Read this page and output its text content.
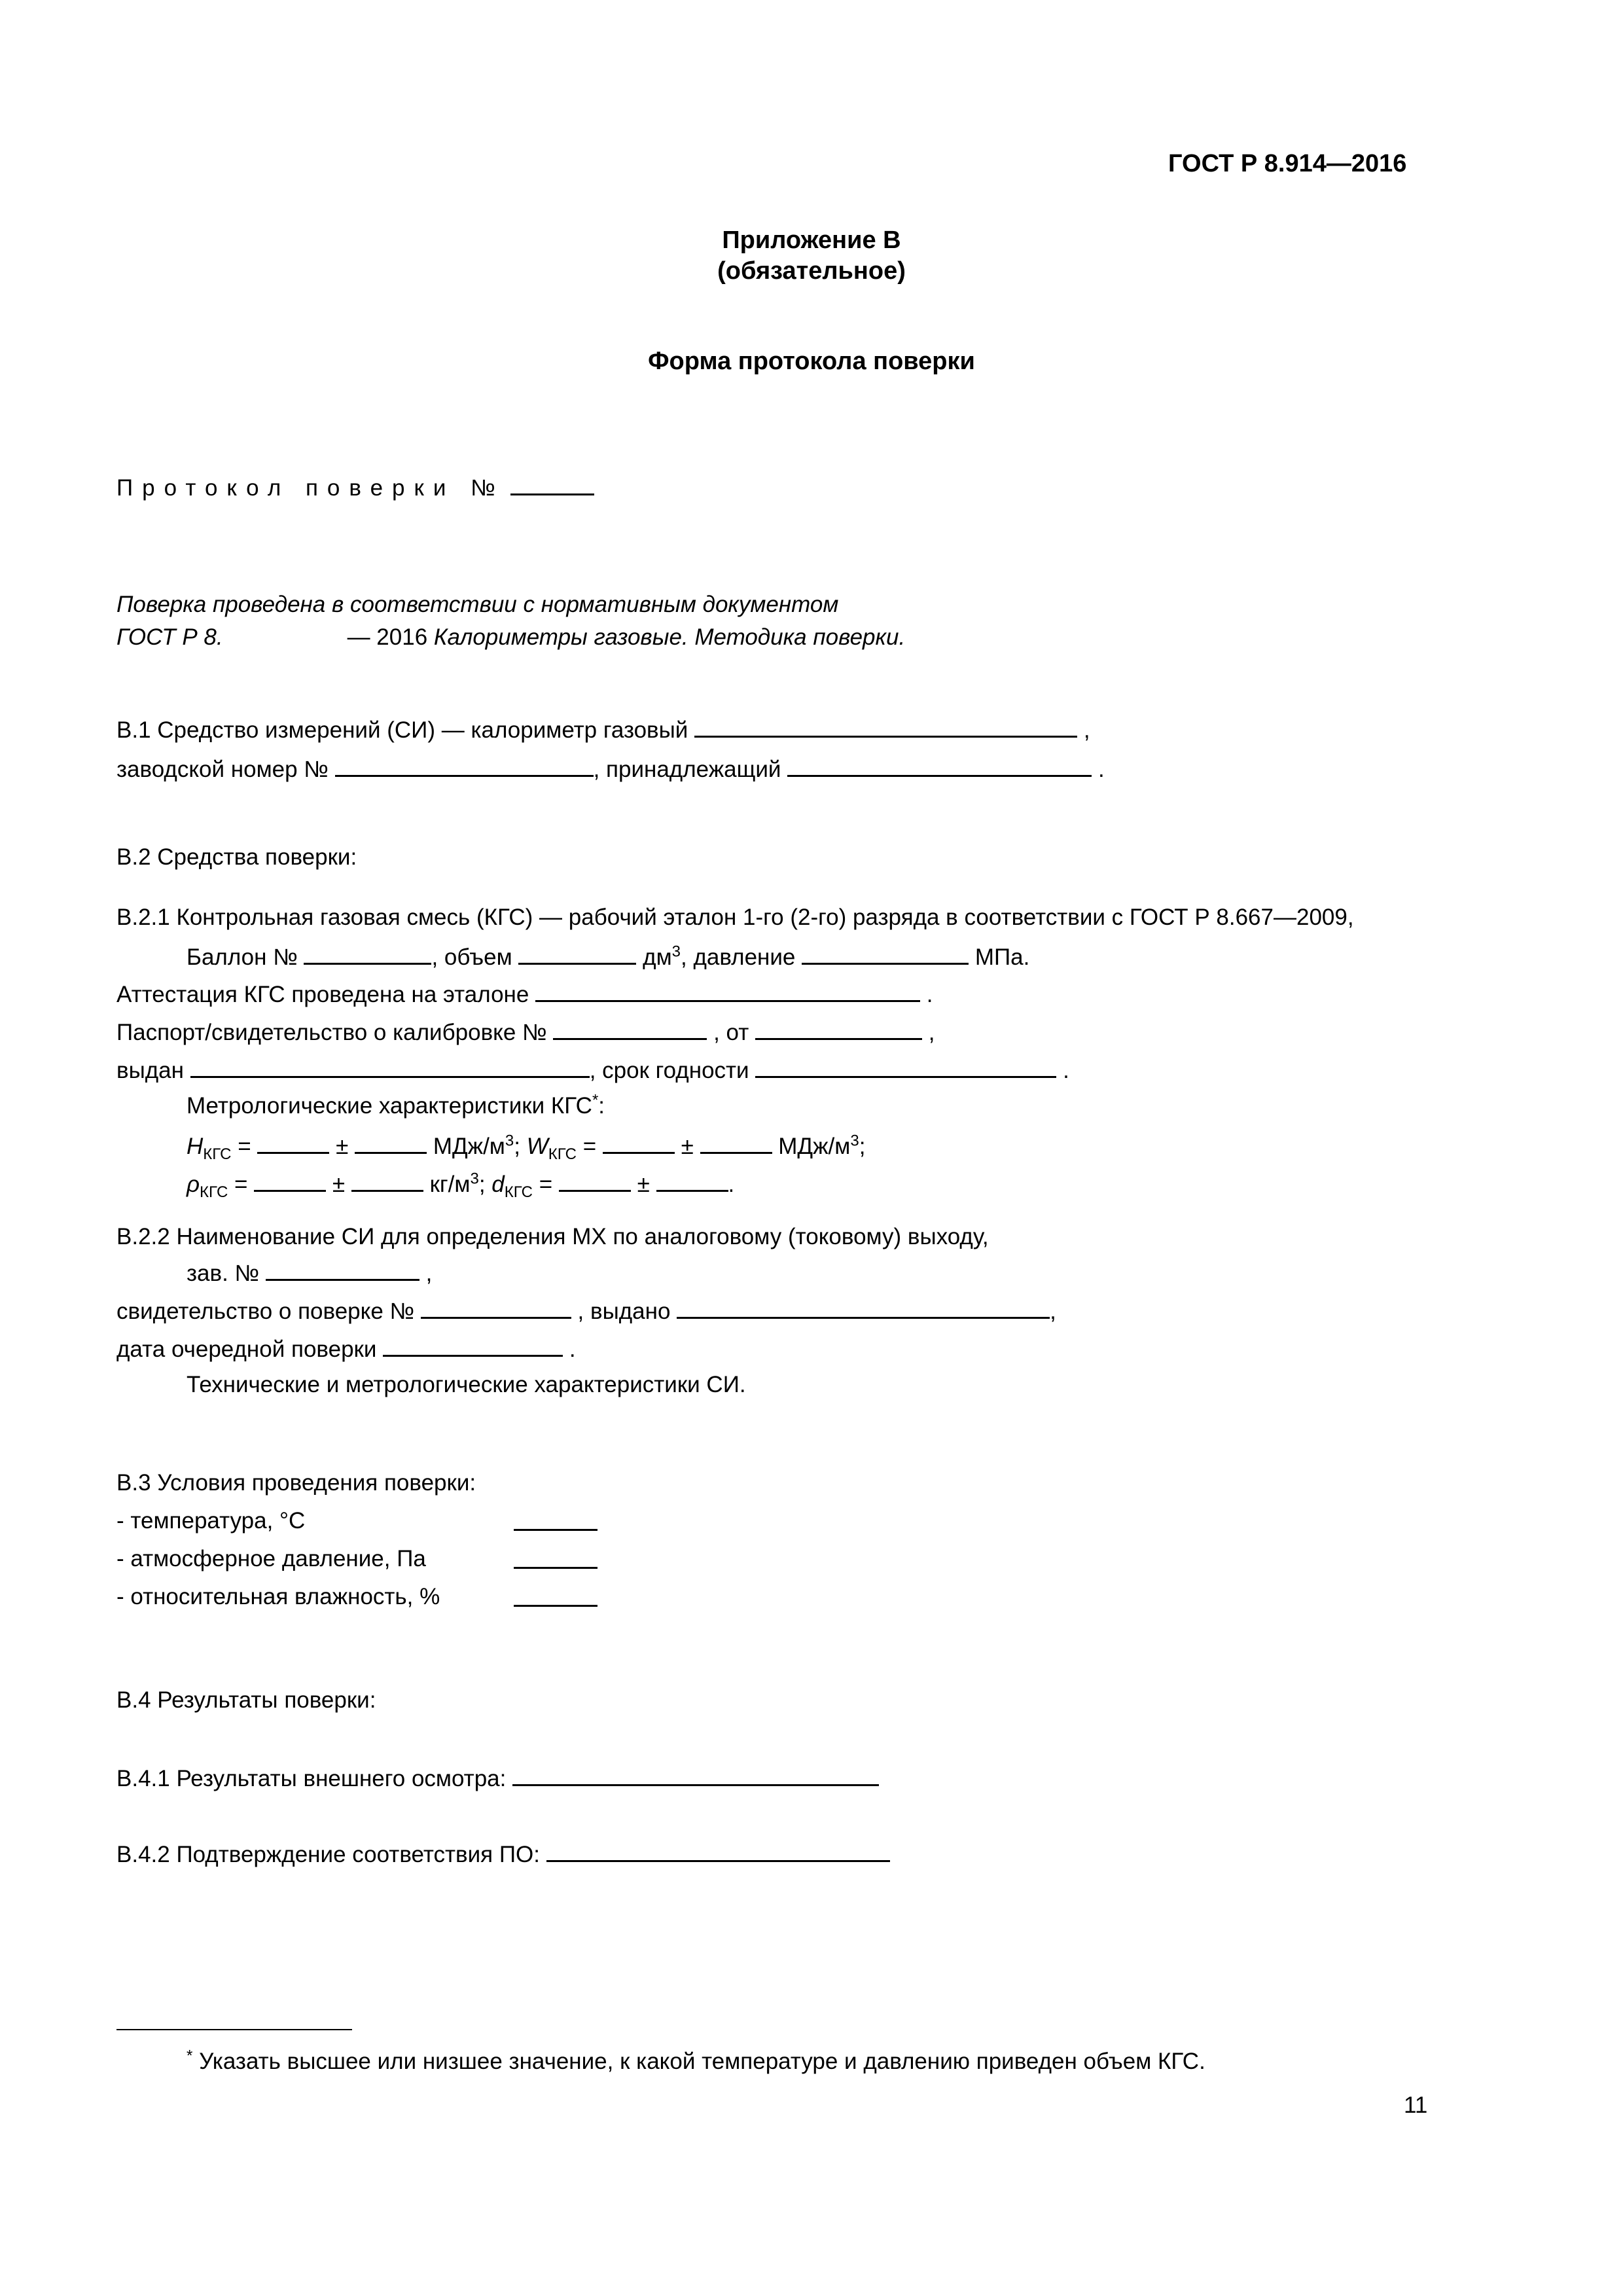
ГОСТ Р 8.914—2016
Приложение В
(обязательное)
Форма протокола поверки
Протокол поверки №
Поверка проведена в соответствии с нормативным документом
ГОСТ Р 8.	— 2016 Калориметры газовые. Методика поверки.
В.1 Средство измерений (СИ) — калориметр газовый	,
заводской номер №	, принадлежащий	.
В.2 Средства поверки:
В.2.1 Контрольная газовая смесь (КГС) — рабочий эталон 1-го (2-го) разряда в соответствии с ГОСТ Р 8.667—2009,
Баллон №	, объем	$дм^3$, давление	МПа.
Аттестация КГС проведена на эталоне	.
Паспорт/свидетельство о калибровке №	, от	,
выдан	, срок годности	.
Метрологические характеристики КГС*:
$H_{КГС}$ =	±	МДж/$м^3$; $W_{КГС}$ =	±	МДж/$м^3$;
$\rho_{КГС}$ =	±	$кг/м^3$; $d_{КГС}$ =	±	.
В.2.2 Наименование СИ для определения МХ по аналоговому (токовому) выходу,
зав. №	,
свидетельство о поверке №	, выдано	,
дата очередной поверки	.
Технические и метрологические характеристики СИ.
В.3 Условия проведения поверки:
- температура, °С
- атмосферное давление, Па
- относительная влажность, %
В.4 Результаты поверки:
В.4.1 Результаты внешнего осмотра:
В.4.2 Подтверждение соответствия ПО:
* Указать высшее или низшее значение, к какой температуре и давлению приведен объем КГС.
11
